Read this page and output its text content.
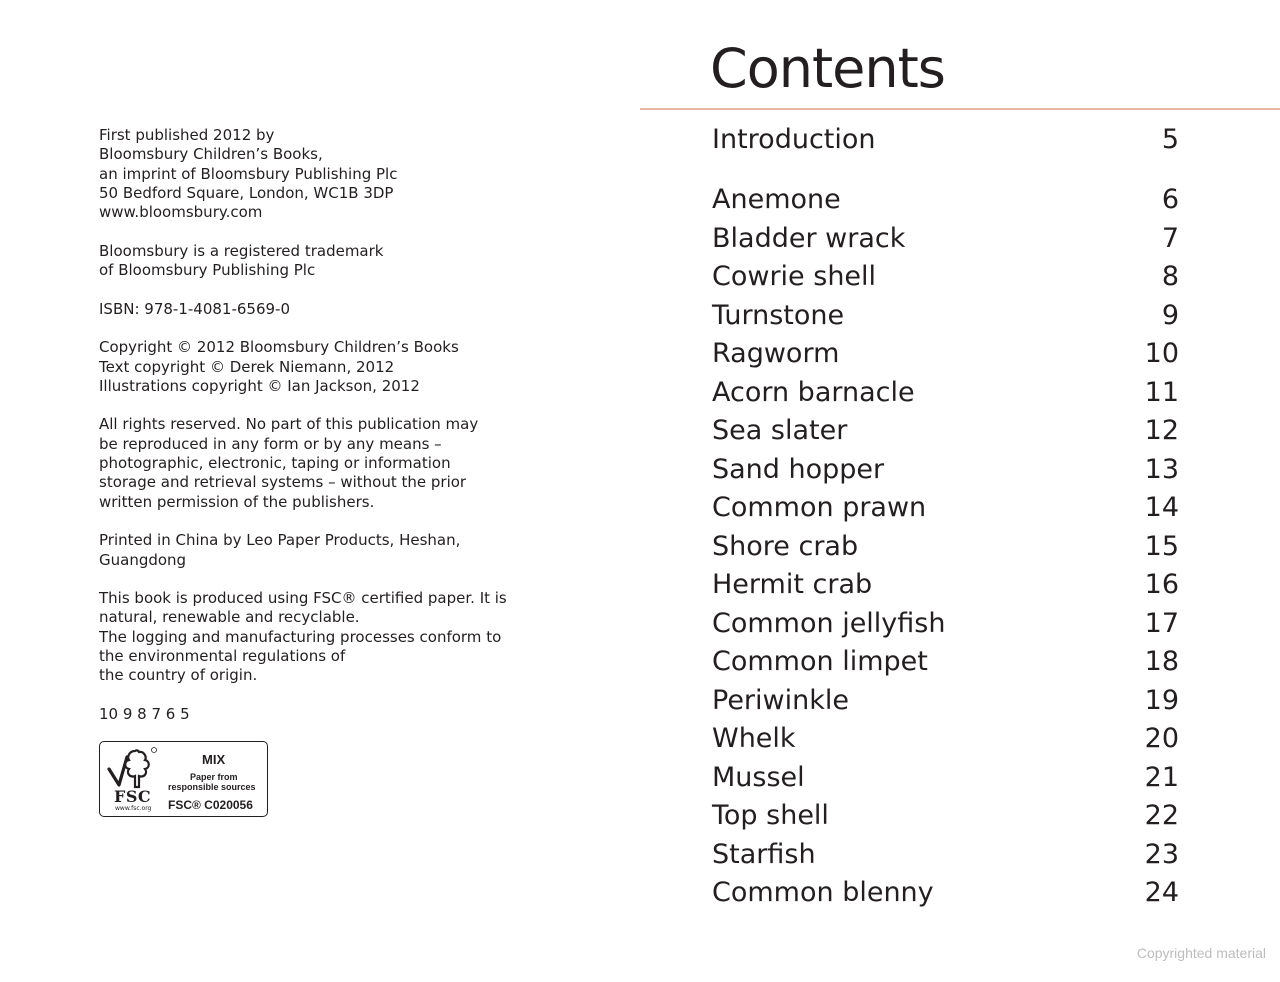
First published 2012 by
Bloomsbury Children’s Books,
an imprint of Bloomsbury Publishing Plc
50 Bedford Square, London, WC1B 3DP
www.bloomsbury.com

Bloomsbury is a registered trademark
of Bloomsbury Publishing Plc

ISBN: 978-1-4081-6569-0

Copyright © 2012 Bloomsbury Children’s Books
Text copyright © Derek Niemann, 2012
Illustrations copyright © Ian Jackson, 2012

All rights reserved. No part of this publication may
be reproduced in any form or by any means –
photographic, electronic, taping or information
storage and retrieval systems – without the prior
written permission of the publishers.

Printed in China by Leo Paper Products, Heshan,
Guangdong

This book is produced using FSC® certified paper. It is
natural, renewable and recyclable.
The logging and manufacturing processes conform to
the environmental regulations of
the country of origin.

10 9 8 7 6 5

FSC
www.fsc.org
MIX
Paper from
responsible sources
FSC® C020056
Contents
Introduction	5
Anemone	6
Bladder wrack	7
Cowrie shell	8
Turnstone	9
Ragworm	10
Acorn barnacle	11
Sea slater	12
Sand hopper	13
Common prawn	14
Shore crab	15
Hermit crab	16
Common jellyfish	17
Common limpet	18
Periwinkle	19
Whelk	20
Mussel	21
Top shell	22
Starfish	23
Common blenny	24
Copyrighted material
